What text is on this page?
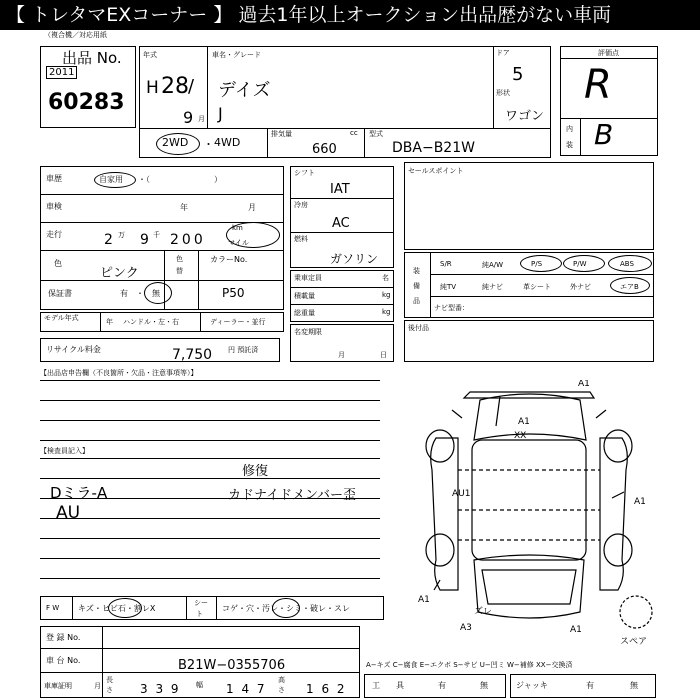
【 トレタマEXコーナー 】 過去1年以上オークション出品歴がない車両
（複合機／対応用紙
出品 No.
2011
60283
年式
H 28 /
9 月
車名・グレード
デイズ
J
ドア
5
形状
ワゴン
2WD ・ 4WD
排気量	cc
660
型式
DBA−B21W
評価点
R
内
装 B
車歴	自家用 ・（　　　　　　　　）
車検	年	月
走行	2 万 9 千 200
km
マイル
色
ピンク
色
替
カラーNo.
P50
保証書	有 ・ 無
モデル年式	年 ハンドル・左・右	ディーラー・並行
リサイクル料金	7,750 円 預託済
シフト
IAT
冷房
AC
燃料
ガソリン
乗車定員	名
積載量	kg
総重量	kg
名変期限
月	日
セールスポイント
装
備
品
S/R	純A/W	P/S	P/W	ABS
純TV	純ナビ	革シート	外ナビ	エアB
ナビ型番：
後付品
【出品店申告欄（不良箇所・欠品・注意事項等）】
【検査員記入】
Dミラ-A
AU
修復
カドナイドメンバー歪
F W キズ・ヒビ石・割レX
シー
ト
コゲ・穴・汚レ・シミ・破レ・スレ
登 録 No.
車 台 No.	B21W−0355706
車庫証明	月
長
さ 3 3 9 幅 1 4 7
高
さ 1 6 2
A−キズ C−腐食 E−エクボ S−サビ U−凹ミ W−補修 XX−交換済
工　　具	有	無	ジャッキ	有	無
A1
A1
XX
AU1
A1
A1
ズレ
A3	A1
スペア
